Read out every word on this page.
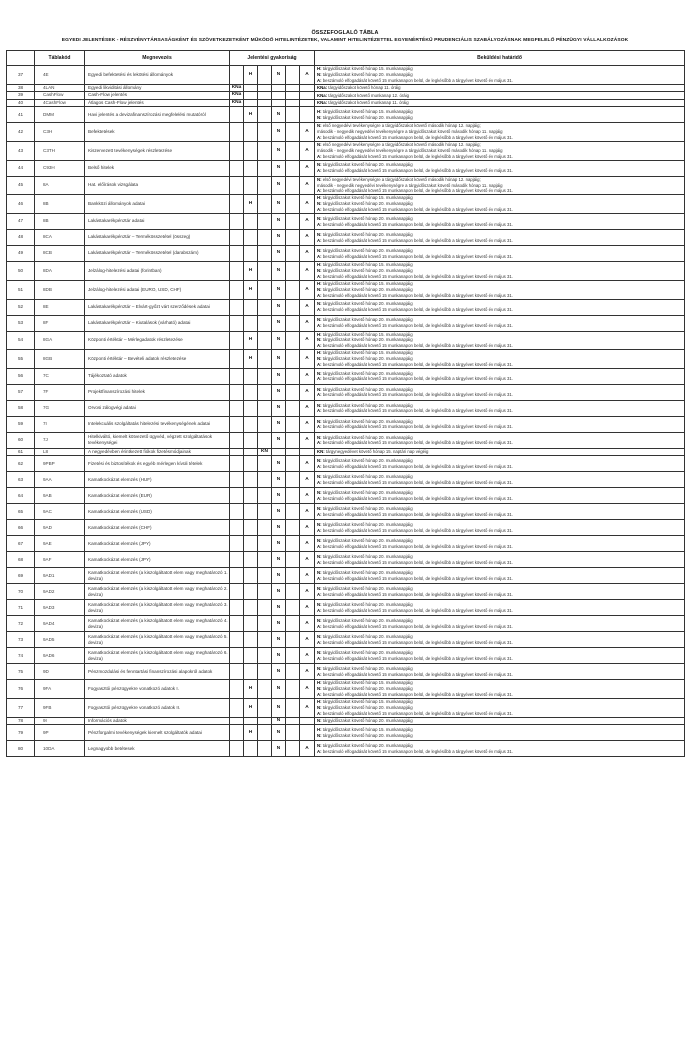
ÖSSZEFOGLALÓ TÁBLA
EGYEDI JELENTÉSEK - RÉSZVÉNYTÁRSASÁGKÉNT ÉS SZÖVETKEZETKÉNT MŰKÖDŐ HITELINTÉZETEK, VALAMINT HITELINTÉZETTEL EGYENÉRTÉKŰ PRUDENCIÁLIS SZABÁLYOZÁSNAK MEGFELELŐ PÉNZÜGYI VÁLLALKOZÁSOK
	Táblakód	Megnevezés	Jelentési gyakoriság						Beküldési határidő
37	4E	Egyedi befektetési és lekötési állományok		H		N		A	H: tárgyidőszakot követő hónap 15. munkanapjáig
N: tárgyidőszakot követő hónap 20. munkanapjáig
A: beszámoló elfogadását követő 15 munkanapon belül, de legkésőbb a tárgyévet követő év május 31.

38	4LAN	Egyedi likviditási állomány	KNa						KNa: tárgyidőszakot követő hónap 11. óráig

39	CashFlow	Cash-Flow jelentés	KNa						KNa: tárgyidőszakot követő munkanap 12. óráig

40	4CashFlow	Átlagos Cash-Flow jelentés	KNa						KNa: tárgyidőszakot követő munkanap 11. óráig

41	DMM	Havi jelentés a devizafinanszírozási megfelelési mutatóról		H		N			H: tárgyidőszakot követő hónap 15. munkanapjáig
N: tárgyidőszakot követő hónap 20. munkanapjáig

42	C3H	Befektetések				N		A	N: első negyedévi tevékenységre a tárgyidőszakot követő második hónap 12. napjáig;
második - negyedik negyedévi tevékenységre a tárgyidőszakot követő második hónap 11. napjáig
A: beszámoló elfogadását követő 15 munkanapon belül, de legkésőbb a tárgyévet követő év május 31.

43	C3TH	Kiszervezett tevékenységek részletezése				N		A	N: első negyedévi tevékenységre a tárgyidőszakot követő második hónap 12. napjáig;
második - negyedik negyedévi tevékenységre a tárgyidőszakot követő második hónap 11. napjáig
A: beszámoló elfogadását követő 15 munkanapon belül, de legkésőbb a tárgyévet követő év május 31.

44	C93H	Belső hitelek				N		A	N: tárgyidőszakot követő hónap 20. munkanapjáig
A: beszámoló elfogadását követő 15 munkanapon belül, de legkésőbb a tárgyévet követő év május 31.

45	8A	Hat. előírások vizsgálata				N		A	N: első negyedévi tevékenységre a tárgyidőszakot követő második hónap 12. napjáig;
második - negyedik negyedévi tevékenységre a tárgyidőszakot követő második hónap 11. napjáig
A: beszámoló elfogadását követő 15 munkanapon belül, de legkésőbb a tárgyévet követő év május 31.

46	8B	Bankközi állományok adatai		H		N		A	H: tárgyidőszakot követő hónap 15. munkanapjáig
N: tárgyidőszakot követő hónap 20. munkanapjáig
A: beszámoló elfogadását követő 15 munkanapon belül, de legkésőbb a tárgyévet követő év május 31.

47	8B	Lakástakarékpénztár adatai				N		A	N: tárgyidőszakot követő hónap 20. munkanapjáig
A: beszámoló elfogadását követő 15 munkanapon belül, de legkésőbb a tárgyévet követő év május 31.

48	8CA	Lakástakarékpénztár – Termékösszetétel (összeg)				N		A	N: tárgyidőszakot követő hónap 20. munkanapjáig
A: beszámoló elfogadását követő 15 munkanapon belül, de legkésőbb a tárgyévet követő év május 31.

49	8CB	Lakástakarékpénztár – Termékösszetétel (darabszám)				N		A	N: tárgyidőszakot követő hónap 20. munkanapjáig
A: beszámoló elfogadását követő 15 munkanapon belül, de legkésőbb a tárgyévet követő év május 31.

50	8DA	Jelzálog-hitelezési adatai (forintban)		H		N		A	H: tárgyidőszakot követő hónap 15. munkanapjáig
N: tárgyidőszakot követő hónap 20. munkanapjáig
A: beszámoló elfogadását követő 15 munkanapon belül, de legkésőbb a tárgyévet követő év május 31.

51	8DB	Jelzálog-hitelezési adatai (EURO, USD, CHF)		H		N		A	H: tárgyidőszakot követő hónap 15. munkanapjáig
N: tárgyidőszakot követő hónap 20. munkanapjáig
A: beszámoló elfogadását követő 15 munkanapon belül, de legkésőbb a tárgyévet követő év május 31.

52	8E	Lakástakarékpénztár – Elvárt-győzt várt szerződések adatai				N		A	N: tárgyidőszakot követő hónap 20. munkanapjáig
A: beszámoló elfogadását követő 15 munkanapon belül, de legkésőbb a tárgyévet követő év május 31.

53	8F	Lakástakarékpénztár – Kiutalások (várható) adatai				N		A	N: tárgyidőszakot követő hónap 20. munkanapjáig
A: beszámoló elfogadását követő 15 munkanapon belül, de legkésőbb a tárgyévet követő év május 31.

54	8GA	Központi értéktár – Mérlegadatok részletezése		H		N		A	H: tárgyidőszakot követő hónap 15. munkanapjáig
N: tárgyidőszakot követő hónap 20. munkanapjáig
A: beszámoló elfogadását követő 15 munkanapon belül, de legkésőbb a tárgyévet követő év május 31.

55	8GB	Központi értéktár – Bevételi adatok részletezése		H		N		A	H: tárgyidőszakot követő hónap 15. munkanapjáig
N: tárgyidőszakot követő hónap 20. munkanapjáig
A: beszámoló elfogadását követő 15 munkanapon belül, de legkésőbb a tárgyévet követő év május 31.

56	7C	Tájékoztató adatok				N		A	N: tárgyidőszakot követő hónap 20. munkanapjáig
A: beszámoló elfogadását követő 15 munkanapon belül, de legkésőbb a tárgyévet követő év május 31.

57	7F	Projektfinanszírozási hitelek				N		A	N: tárgyidőszakot követő hónap 20. munkanapjáig
A: beszámoló elfogadását követő 15 munkanapon belül, de legkésőbb a tárgyévet követő év május 31.

58	7G	Orvosi zálogvégi adatai				N		A	N: tárgyidőszakot követő hónap 20. munkanapjáig
A: beszámoló elfogadását követő 15 munkanapon belül, de legkésőbb a tárgyévet követő év május 31.

59	7I	Intelekcuális szolgáltatás hitelezési tevékenységének adatai				N		A	N: tárgyidőszakot követő hónap 20. munkanapjáig
A: beszámoló elfogadását követő 15 munkanapon belül, de legkésőbb a tárgyévet követő év május 31.

60	7J	Hitelkiváltó, kiemelt kötvezető ügyvéd, végzett szolgáltatások tevékenységei				N		A	N: tárgyidőszakot követő hónap 20. munkanapjáig
A: beszámoló elfogadását követő 15 munkanapon belül, de legkésőbb a tárgyévet követő év május 31.

61	L8	A negyedévben érintkezett fiókok fizetésmódjainak			KN				KN: tárgynegyedévet követő hónap 15. naptári nap végéig

62	9PBP	Fizetési és biztosítékok és egyéb mérlegen kívüli tételek				N		A	N: tárgyidőszakot követő hónap 20. munkanapjáig
A: beszámoló elfogadását követő 15 munkanapon belül, de legkésőbb a tárgyévet követő év május 31.

63	9AA	Kamatkockázat elemzés (HUF)				N		A	N: tárgyidőszakot követő hónap 20. munkanapjáig
A: beszámoló elfogadását követő 15 munkanapon belül, de legkésőbb a tárgyévet követő év május 31.

64	9AB	Kamatkockázat elemzés (EUR)				N		A	N: tárgyidőszakot követő hónap 20. munkanapjáig
A: beszámoló elfogadását követő 15 munkanapon belül, de legkésőbb a tárgyévet követő év május 31.

65	9AC	Kamatkockázat elemzés (USD)				N		A	N: tárgyidőszakot követő hónap 20. munkanapjáig
A: beszámoló elfogadását követő 15 munkanapon belül, de legkésőbb a tárgyévet követő év május 31.

66	9AD	Kamatkockázat elemzés (CHF)				N		A	N: tárgyidőszakot követő hónap 20. munkanapjáig
A: beszámoló elfogadását követő 15 munkanapon belül, de legkésőbb a tárgyévet követő év május 31.

67	9AE	Kamatkockázat elemzés (JPY)				N		A	N: tárgyidőszakot követő hónap 20. munkanapjáig
A: beszámoló elfogadását követő 15 munkanapon belül, de legkésőbb a tárgyévet követő év május 31.

68	9AF	Kamatkockázat elemzés (JPY)				N		A	N: tárgyidőszakot követő hónap 20. munkanapjáig
A: beszámoló elfogadását követő 15 munkanapon belül, de legkésőbb a tárgyévet követő év május 31.

69	9AD1	Kamatkockázat elemzés (a kiszolgáltatott elem vagy meghatározó 1. deviza)				N		A	N: tárgyidőszakot követő hónap 20. munkanapjáig
A: beszámoló elfogadását követő 15 munkanapon belül, de legkésőbb a tárgyévet követő év május 31.

70	9AD2	Kamatkockázat elemzés (a kiszolgáltatott elem vagy meghatározó 2. deviza)				N		A	N: tárgyidőszakot követő hónap 20. munkanapjáig
A: beszámoló elfogadását követő 15 munkanapon belül, de legkésőbb a tárgyévet követő év május 31.

71	9AD3	Kamatkockázat elemzés (a kiszolgáltatott elem vagy meghatározó 3. deviza)				N		A	N: tárgyidőszakot követő hónap 20. munkanapjáig
A: beszámoló elfogadását követő 15 munkanapon belül, de legkésőbb a tárgyévet követő év május 31.

72	9AD4	Kamatkockázat elemzés (a kiszolgáltatott elem vagy meghatározó 4. deviza)				N		A	N: tárgyidőszakot követő hónap 20. munkanapjáig
A: beszámoló elfogadását követő 15 munkanapon belül, de legkésőbb a tárgyévet követő év május 31.

73	9AD5	Kamatkockázat elemzés (a kiszolgáltatott elem vagy meghatározó 5. deviza)				N		A	N: tárgyidőszakot követő hónap 20. munkanapjáig
A: beszámoló elfogadását követő 15 munkanapon belül, de legkésőbb a tárgyévet követő év május 31.

74	9AD6	Kamatkockázat elemzés (a kiszolgáltatott elem vagy meghatározó 6. deviza)				N		A	N: tárgyidőszakot követő hónap 20. munkanapjáig
A: beszámoló elfogadását követő 15 munkanapon belül, de legkésőbb a tárgyévet követő év május 31.

75	9D	Pénzmozdulási és fenntartási finanszírozási alapokról adatok				N		A	N: tárgyidőszakot követő hónap 20. munkanapjáig
A: beszámoló elfogadását követő 15 munkanapon belül, de legkésőbb a tárgyévet követő év május 31.

76	9FA	Fogyasztói pénzügyekre vonatkozó adatok I.		H		N		A	H: tárgyidőszakot követő hónap 15. munkanapjáig
N: tárgyidőszakot követő hónap 20. munkanapjáig
A: beszámoló elfogadását követő 15 munkanapon belül, de legkésőbb a tárgyévet követő év május 31.

77	9FB	Fogyasztói pénzügyekre vonatkozó adatok II.		H		N		A	H: tárgyidőszakot követő hónap 15. munkanapjáig
N: tárgyidőszakot követő hónap 20. munkanapjáig
A: beszámoló elfogadását követő 15 munkanapon belül, de legkésőbb a tárgyévet követő év május 31.

78	9I	Információs adatok				N			N: tárgyidőszakot követő hónap 20. munkanapjáig

79	9P	Pénzforgalmi tevékenységek kiemelt szolgáltatók adatai		H		N			H: tárgyidőszakot követő hónap 15. munkanapjáig
N: tárgyidőszakot követő hónap 20. munkanapjáig

80	10DA	Legnagyobb betétesek				N		A	N: tárgyidőszakot követő hónap 20. munkanapjáig
A: beszámoló elfogadását követő 15 munkanapon belül, de legkésőbb a tárgyévet követő év május 31.
